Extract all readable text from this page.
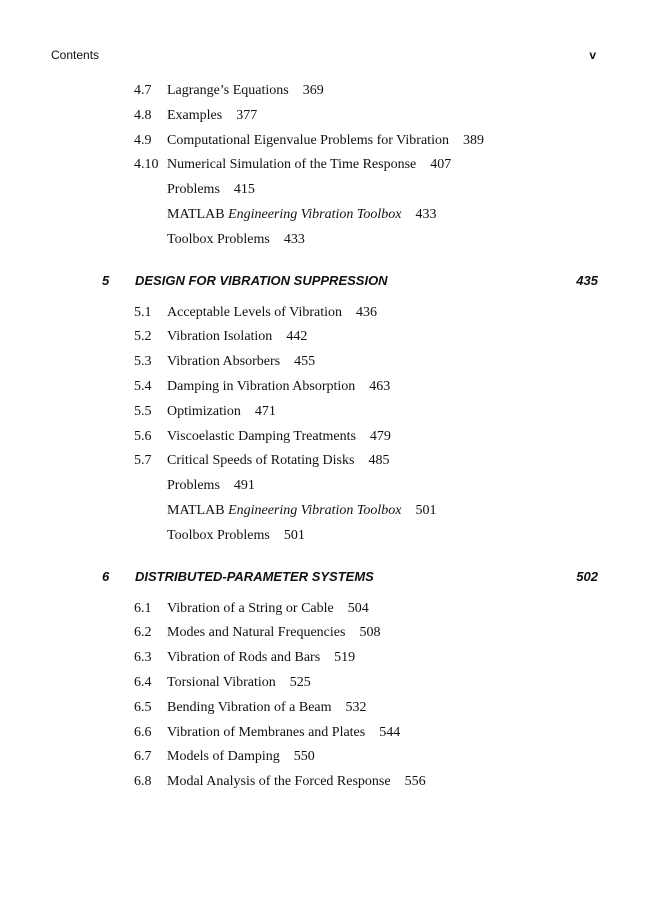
Contents	v
4.7 Lagrange’s Equations 369
4.8 Examples 377
4.9 Computational Eigenvalue Problems for Vibration 389
4.10 Numerical Simulation of the Time Response 407
Problems 415
MATLAB Engineering Vibration Toolbox 433
Toolbox Problems 433
5 DESIGN FOR VIBRATION SUPPRESSION	435
5.1 Acceptable Levels of Vibration 436
5.2 Vibration Isolation 442
5.3 Vibration Absorbers 455
5.4 Damping in Vibration Absorption 463
5.5 Optimization 471
5.6 Viscoelastic Damping Treatments 479
5.7 Critical Speeds of Rotating Disks 485
Problems 491
MATLAB Engineering Vibration Toolbox 501
Toolbox Problems 501
6 DISTRIBUTED-PARAMETER SYSTEMS	502
6.1 Vibration of a String or Cable 504
6.2 Modes and Natural Frequencies 508
6.3 Vibration of Rods and Bars 519
6.4 Torsional Vibration 525
6.5 Bending Vibration of a Beam 532
6.6 Vibration of Membranes and Plates 544
6.7 Models of Damping 550
6.8 Modal Analysis of the Forced Response 556
